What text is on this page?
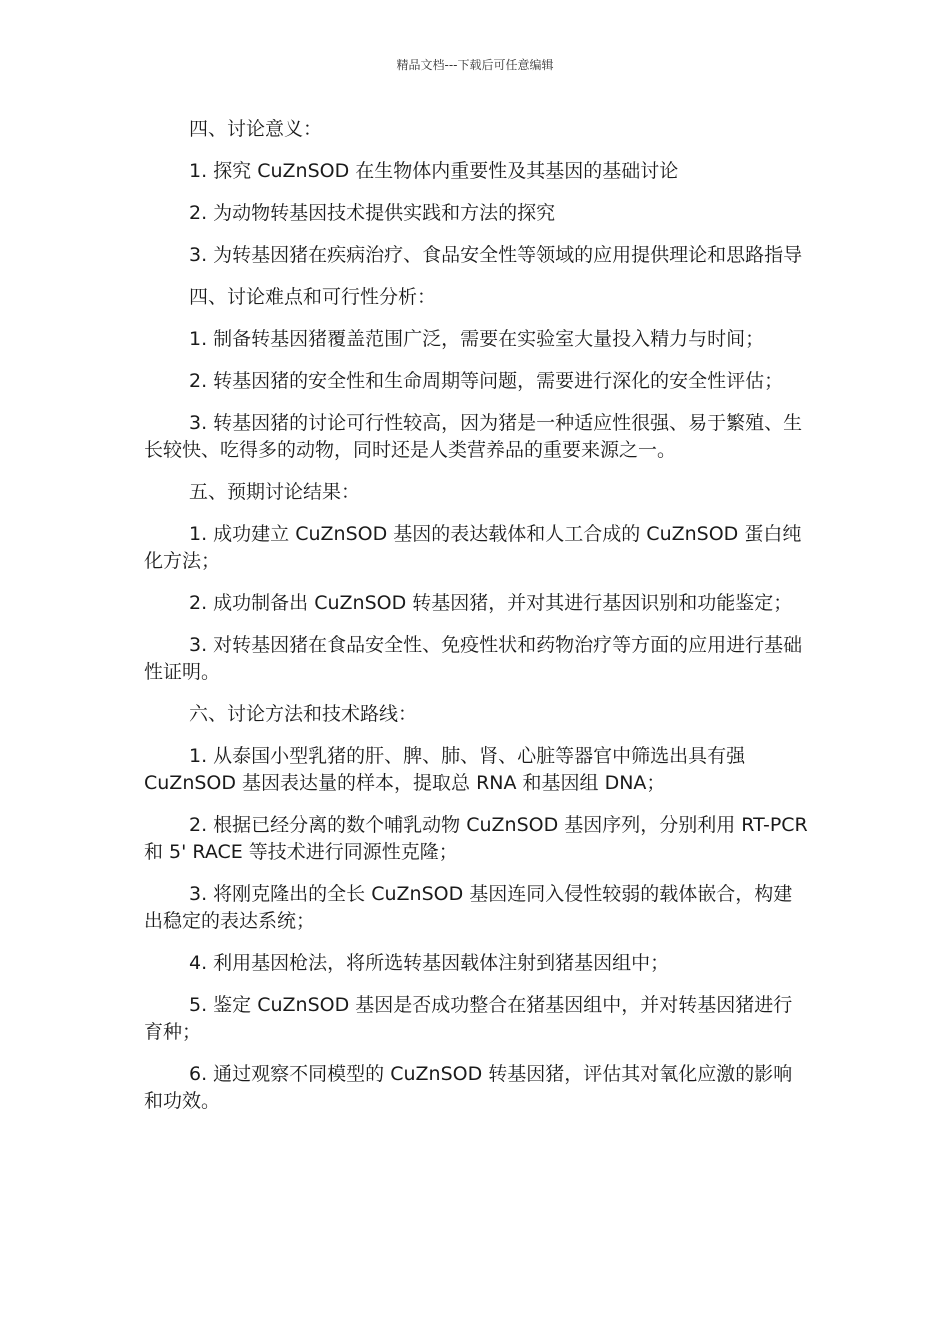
精品文档---下载后可任意编辑

四、讨论意义：

1. 探究 CuZnSOD 在生物体内重要性及其基因的基础讨论

2. 为动物转基因技术提供实践和方法的探究

3. 为转基因猪在疾病治疗、食品安全性等领域的应用提供理论和思路指导

四、讨论难点和可行性分析：

1. 制备转基因猪覆盖范围广泛，需要在实验室大量投入精力与时间；

2. 转基因猪的安全性和生命周期等问题，需要进行深化的安全性评估；

3. 转基因猪的讨论可行性较高，因为猪是一种适应性很强、易于繁殖、生长较快、吃得多的动物，同时还是人类营养品的重要来源之一。

五、预期讨论结果：

1. 成功建立 CuZnSOD 基因的表达载体和人工合成的 CuZnSOD 蛋白纯化方法；

2. 成功制备出 CuZnSOD 转基因猪，并对其进行基因识别和功能鉴定；

3. 对转基因猪在食品安全性、免疫性状和药物治疗等方面的应用进行基础性证明。

六、讨论方法和技术路线：

1. 从泰国小型乳猪的肝、脾、肺、肾、心脏等器官中筛选出具有强 CuZnSOD 基因表达量的样本，提取总 RNA 和基因组 DNA；

2. 根据已经分离的数个哺乳动物 CuZnSOD 基因序列，分别利用 RT-PCR 和 5' RACE 等技术进行同源性克隆；

3. 将刚克隆出的全长 CuZnSOD 基因连同入侵性较弱的载体嵌合，构建出稳定的表达系统；

4. 利用基因枪法，将所选转基因载体注射到猪基因组中；

5. 鉴定 CuZnSOD 基因是否成功整合在猪基因组中，并对转基因猪进行育种；

6. 通过观察不同模型的 CuZnSOD 转基因猪，评估其对氧化应激的影响和功效。
